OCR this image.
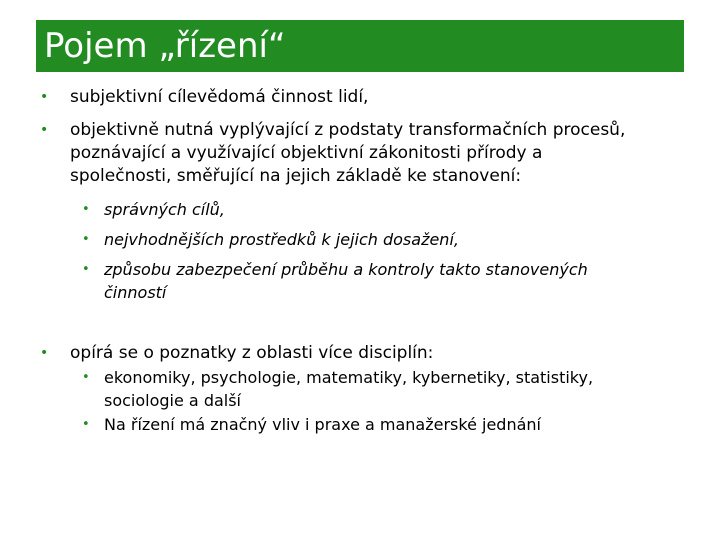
Pojem „řízení“
• subjektivní cílevědomá činnost lidí,
• objektivně nutná vyplývající z podstaty transformačních procesů,
poznávající a využívající objektivní zákonitosti přírody a
společnosti, směřující na jejich základě ke stanovení:
• správných cílů,
• nejvhodnějších prostředků k jejich dosažení,
• způsobu zabezpečení průběhu a kontroly takto stanovených
činností
• opírá se o poznatky z oblasti více disciplín:
• ekonomiky, psychologie, matematiky, kybernetiky, statistiky,
sociologie a další
• Na řízení má značný vliv i praxe a manažerské jednání
